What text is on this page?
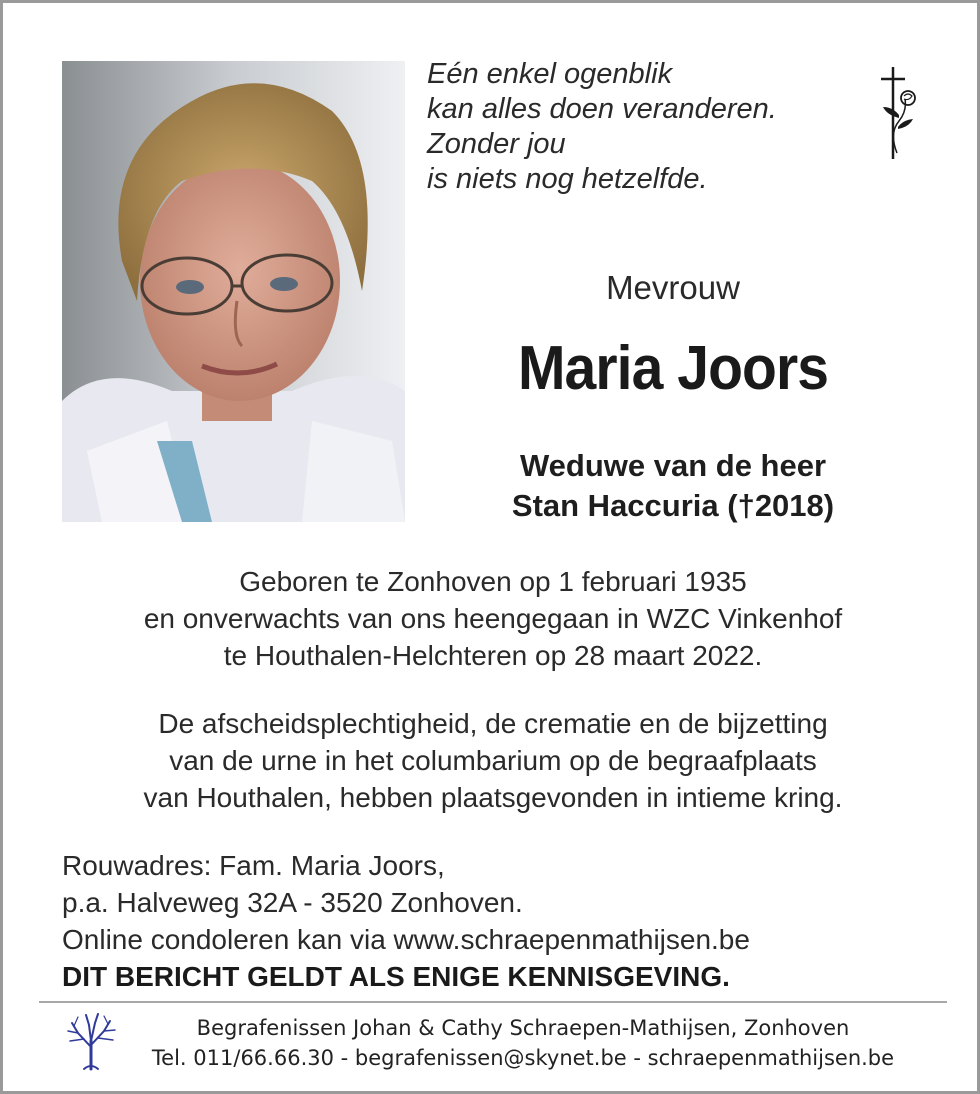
Eén enkel ogenblik
kan alles doen veranderen.
Zonder jou
is niets nog hetzelfde.
Mevrouw
Maria Joors
Weduwe van de heer
Stan Haccuria (†2018)
Geboren te Zonhoven op 1 februari 1935
en onverwachts van ons heengegaan in WZC Vinkenhof
te Houthalen-Helchteren op 28 maart 2022.
De afscheidsplechtigheid, de crematie en de bijzetting
van de urne in het columbarium op de begraafplaats
van Houthalen, hebben plaatsgevonden in intieme kring.
Rouwadres: Fam. Maria Joors,
p.a. Halveweg 32A - 3520 Zonhoven.
Online condoleren kan via www.schraepenmathijsen.be
DIT BERICHT GELDT ALS ENIGE KENNISGEVING.
Begrafenissen Johan & Cathy Schraepen-Mathijsen, Zonhoven
Tel. 011/66.66.30 - begrafenissen@skynet.be - schraepenmathijsen.be
